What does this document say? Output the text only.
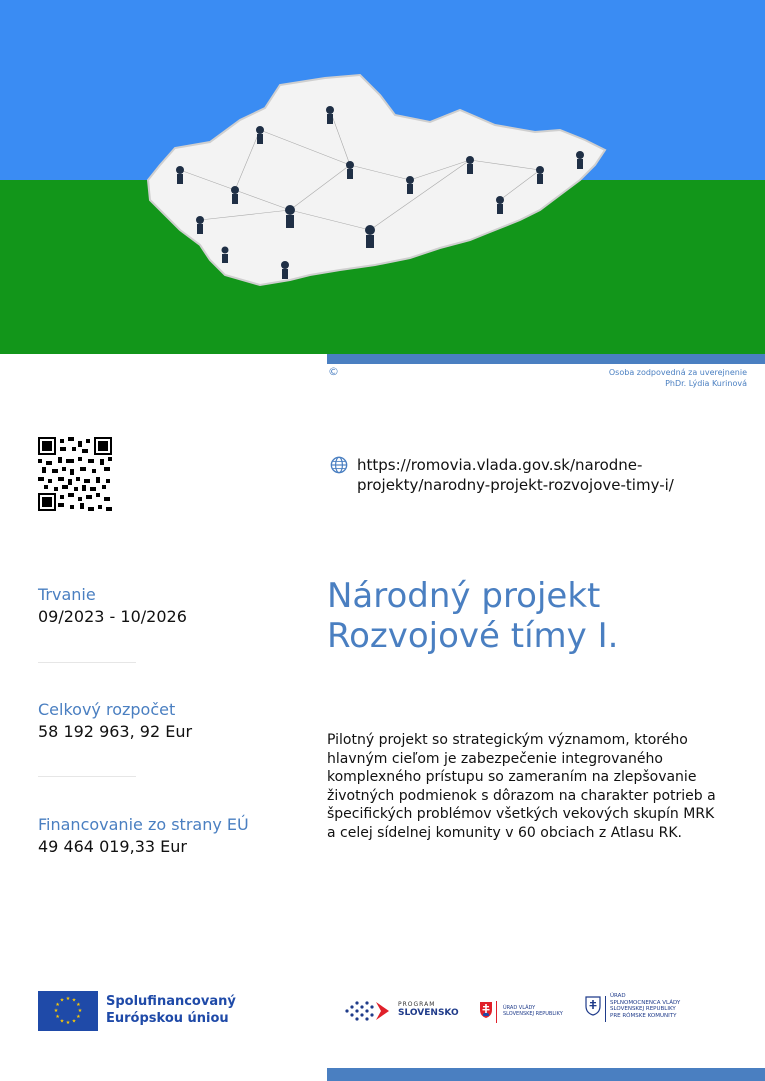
©	Osoba zodpovedná za uverejnenie
PhDr. Lýdia Kurinová
https://romovia.vlada.gov.sk/narodne-
projekty/narodny-projekt-rozvojove-timy-i/
Trvanie
09/2023 - 10/2026
Celkový rozpočet
58 192 963, 92 Eur
Financovanie zo strany EÚ
49 464 019,33 Eur
Národný projekt
Rozvojové tímy I.
Pilotný projekt so strategickým významom, ktorého hlavným cieľom je zabezpečenie integrovaného komplexného prístupu so zameraním na zlepšovanie životných podmienok s dôrazom na charakter potrieb a špecifických problémov všetkých vekových skupín MRK a celej sídelnej komunity v 60 obciach z Atlasu RK.
★ ★
★
★
★
★
★
★
★
★
★
★	Spolufinancovaný
Európskou úniou
PROGRAM
SLOVENSKO	ÚRAD VLÁDY
SLOVENSKEJ REPUBLIKY
ÚRAD
SPLNOMOCNENCA VLÁDY
SLOVENSKEJ REPUBLIKY
PRE RÓMSKE KOMUNITY
